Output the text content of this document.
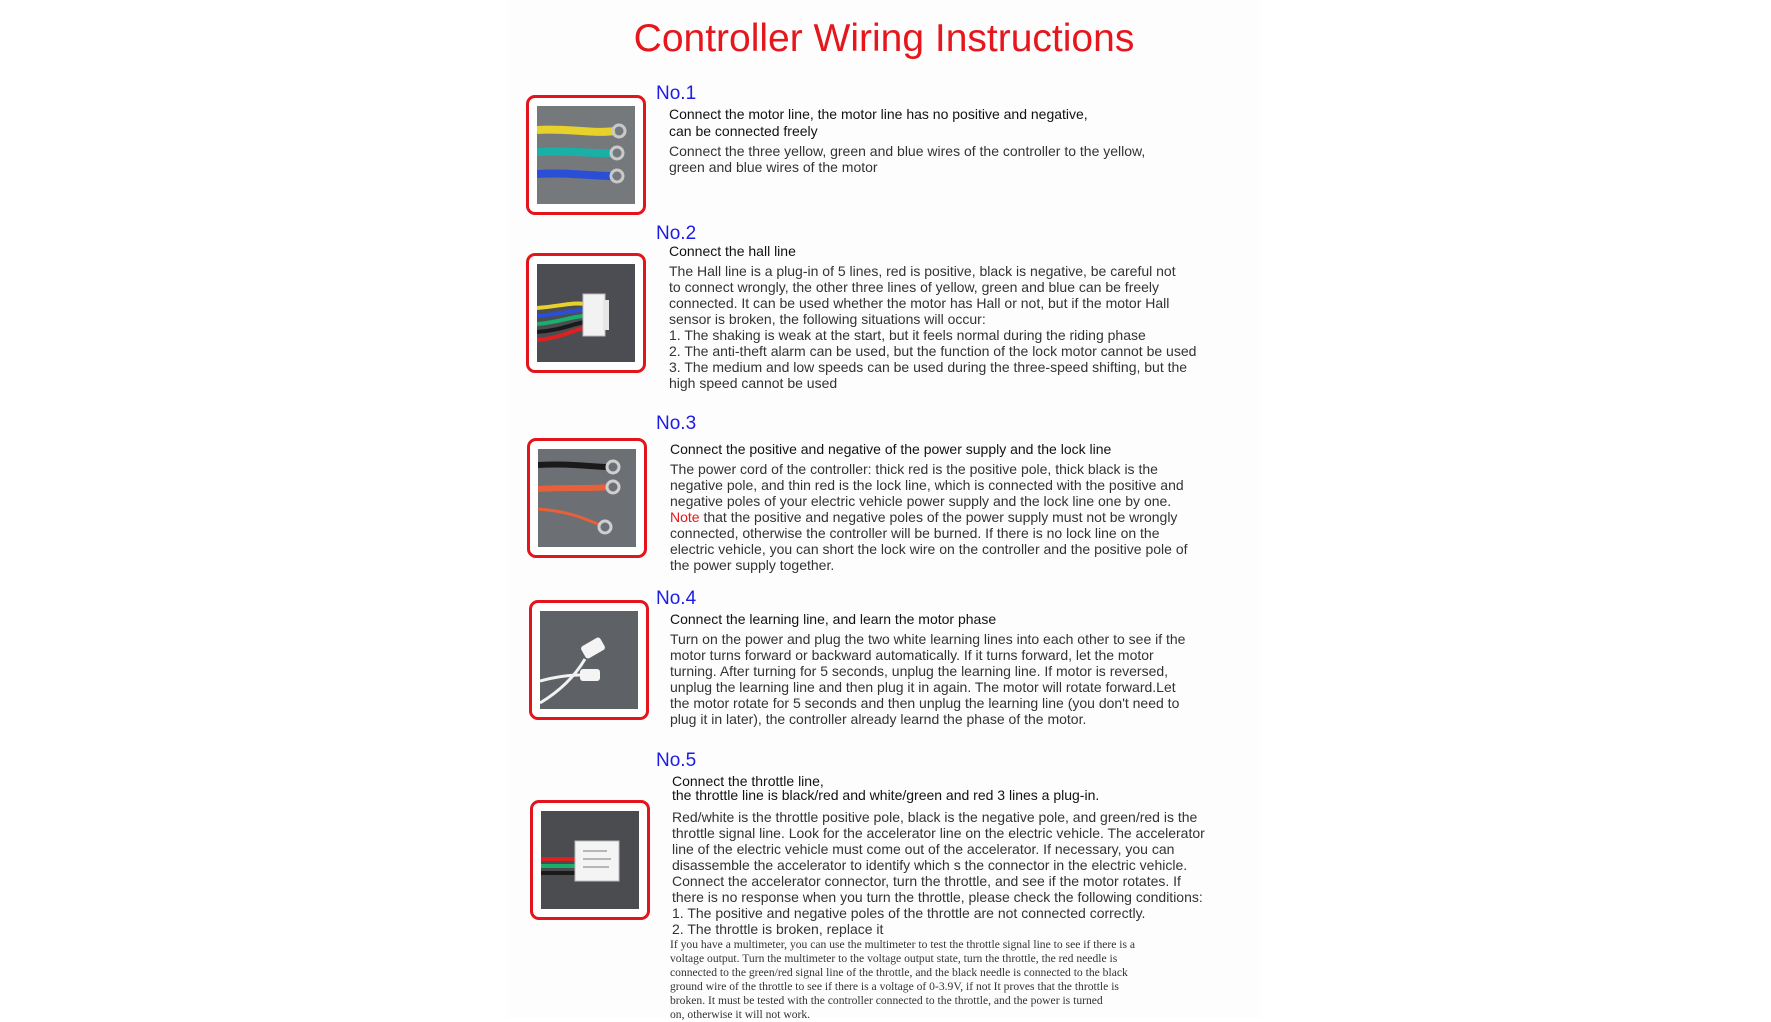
Controller Wiring Instructions
No.1

Connect the motor line, the motor line has no positive and negative,
can be connected freely

Connect the three yellow, green and blue wires of the controller to the yellow,
green and blue wires of the motor

No.2

Connect the hall line

The Hall line is a plug-in of 5 lines, red is positive, black is negative, be careful not
to connect wrongly, the other three lines of yellow, green and blue can be freely
connected. It can be used whether the motor has Hall or not, but if the motor Hall
sensor is broken, the following situations will occur:
1. The shaking is weak at the start, but it feels normal during the riding phase
2. The anti-theft alarm can be used, but the function of the lock motor cannot be used
3. The medium and low speeds can be used during the three-speed shifting, but the
high speed cannot be used

No.3

Connect the positive and negative of the power supply and the lock line

The power cord of the controller: thick red is the positive pole, thick black is the
negative pole, and thin red is the lock line, which is connected with the positive and
negative poles of your electric vehicle power supply and the lock line one by one.
Note that the positive and negative poles of the power supply must not be wrongly
connected, otherwise the controller will be burned. If there is no lock line on the
electric vehicle, you can short the lock wire on the controller and the positive pole of
the power supply together.

No.4

Connect the learning line, and learn the motor phase

Turn on the power and plug the two white learning lines into each other to see if the
motor turns forward or backward automatically. If it turns forward, let the motor
turning. After turning for 5 seconds, unplug the learning line. If motor is reversed,
unplug the learning line and then plug it in again. The motor will rotate forward.Let
the motor rotate for 5 seconds and then unplug the learning line (you don't need to
plug it in later), the controller already learnd the phase of the motor.

No.5

Connect the throttle line,
the throttle line is black/red and white/green and red 3 lines a plug-in.

Red/white is the throttle positive pole, black is the negative pole, and green/red is the
throttle signal line. Look for the accelerator line on the electric vehicle. The accelerator
line of the electric vehicle must come out of the accelerator. If necessary, you can
disassemble the accelerator to identify which s the connector in the electric vehicle.
Connect the accelerator connector, turn the throttle, and see if the motor rotates. If
there is no response when you turn the throttle, please check the following conditions:
1. The positive and negative poles of the throttle are not connected correctly.
2. The throttle is broken, replace it

If you have a multimeter, you can use the multimeter to test the throttle signal line to see if there is a
voltage output. Turn the multimeter to the voltage output state, turn the throttle, the red needle is
connected to the green/red signal line of the throttle, and the black needle is connected to the black
ground wire of the throttle to see if there is a voltage of 0-3.9V, if not It proves that the throttle is
broken. It must be tested with the controller connected to the throttle, and the power is turned
on, otherwise it will not work.
